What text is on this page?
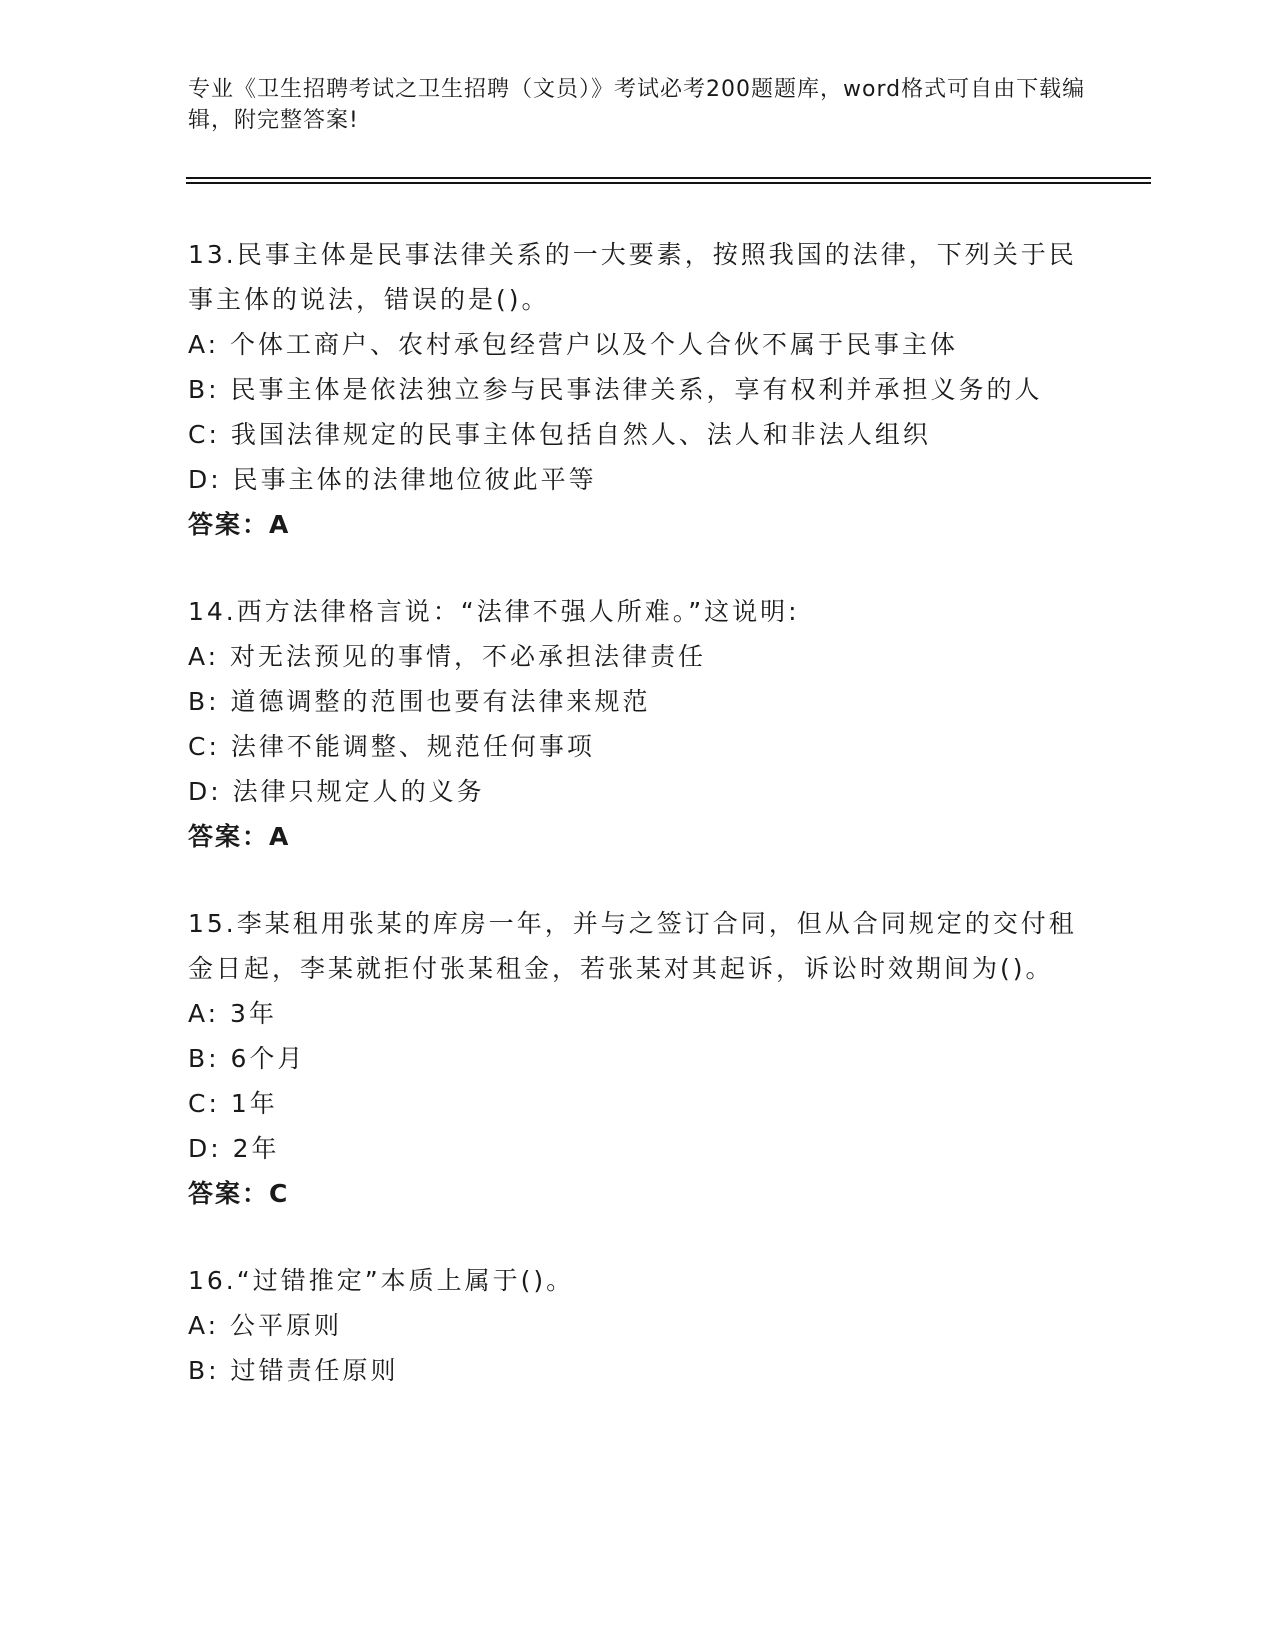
专业《卫生招聘考试之卫生招聘（文员）》考试必考200题题库，word格式可自由下载编辑，附完整答案!

13.民事主体是民事法律关系的一大要素，按照我国的法律，下列关于民事主体的说法，错误的是()。

A: 个体工商户、农村承包经营户以及个人合伙不属于民事主体

B: 民事主体是依法独立参与民事法律关系，享有权利并承担义务的人

C: 我国法律规定的民事主体包括自然人、法人和非法人组织

D: 民事主体的法律地位彼此平等

答案：A

14.西方法律格言说：“法律不强人所难。”这说明:

A: 对无法预见的事情，不必承担法律责任

B: 道德调整的范围也要有法律来规范

C: 法律不能调整、规范任何事项

D: 法律只规定人的义务

答案：A

15.李某租用张某的库房一年，并与之签订合同，但从合同规定的交付租金日起，李某就拒付张某租金，若张某对其起诉，诉讼时效期间为()。

A: 3年

B: 6个月

C: 1年

D: 2年

答案：C

16.“过错推定”本质上属于()。

A: 公平原则

B: 过错责任原则
